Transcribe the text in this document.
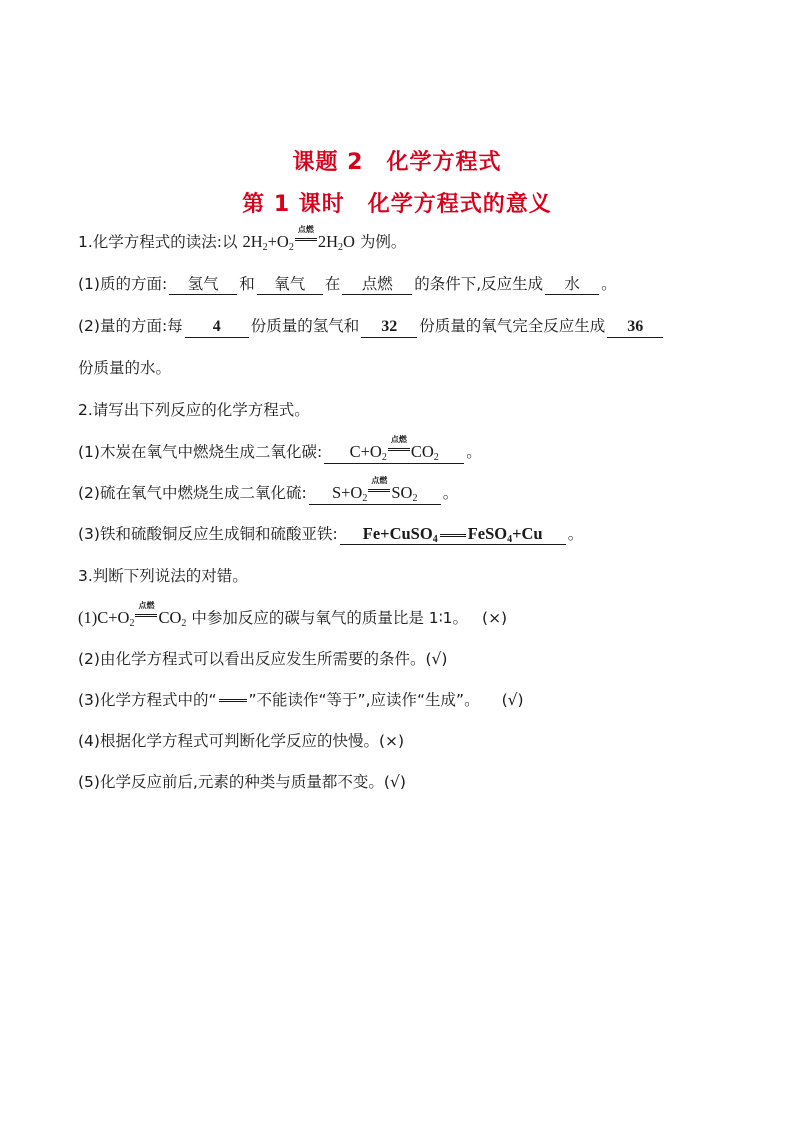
课题 2　化学方程式
第 1 课时　化学方程式的意义
1.化学方程式的读法:以 $2H_2+O_2$
点燃
$2H_2O$ 为例。
(1)质的方面: 氢气 和 氧气 在 点燃 的条件下,反应生成 水 。
(2)量的方面:每 4 份质量的氢气和 32 份质量的氧气完全反应生成 36
份质量的水。
2.请写出下列反应的化学方程式。
(1)木炭在氧气中燃烧生成二氧化碳: $C+O_2$
点燃
$CO_2$ 。
(2)硫在氧气中燃烧生成二氧化硫: $S+O_2$
点燃
$SO_2$ 。
(3)铁和硫酸铜反应生成铜和硫酸亚铁: Fe+CuSO$_4$ FeSO$_4$+Cu 。
3.判断下列说法的对错。
$(1)C+O_2$
点燃
$CO_2$ 中参加反应的碳与氧气的质量比是 1∶1。 (×)
(2)由化学方程式可以看出反应发生所需要的条件。(√)
(3)化学方程式中的“ ”不能读作“等于”,应读作“生成”。 (√)
(4)根据化学方程式可判断化学反应的快慢。(×)
(5)化学反应前后,元素的种类与质量都不变。(√)
